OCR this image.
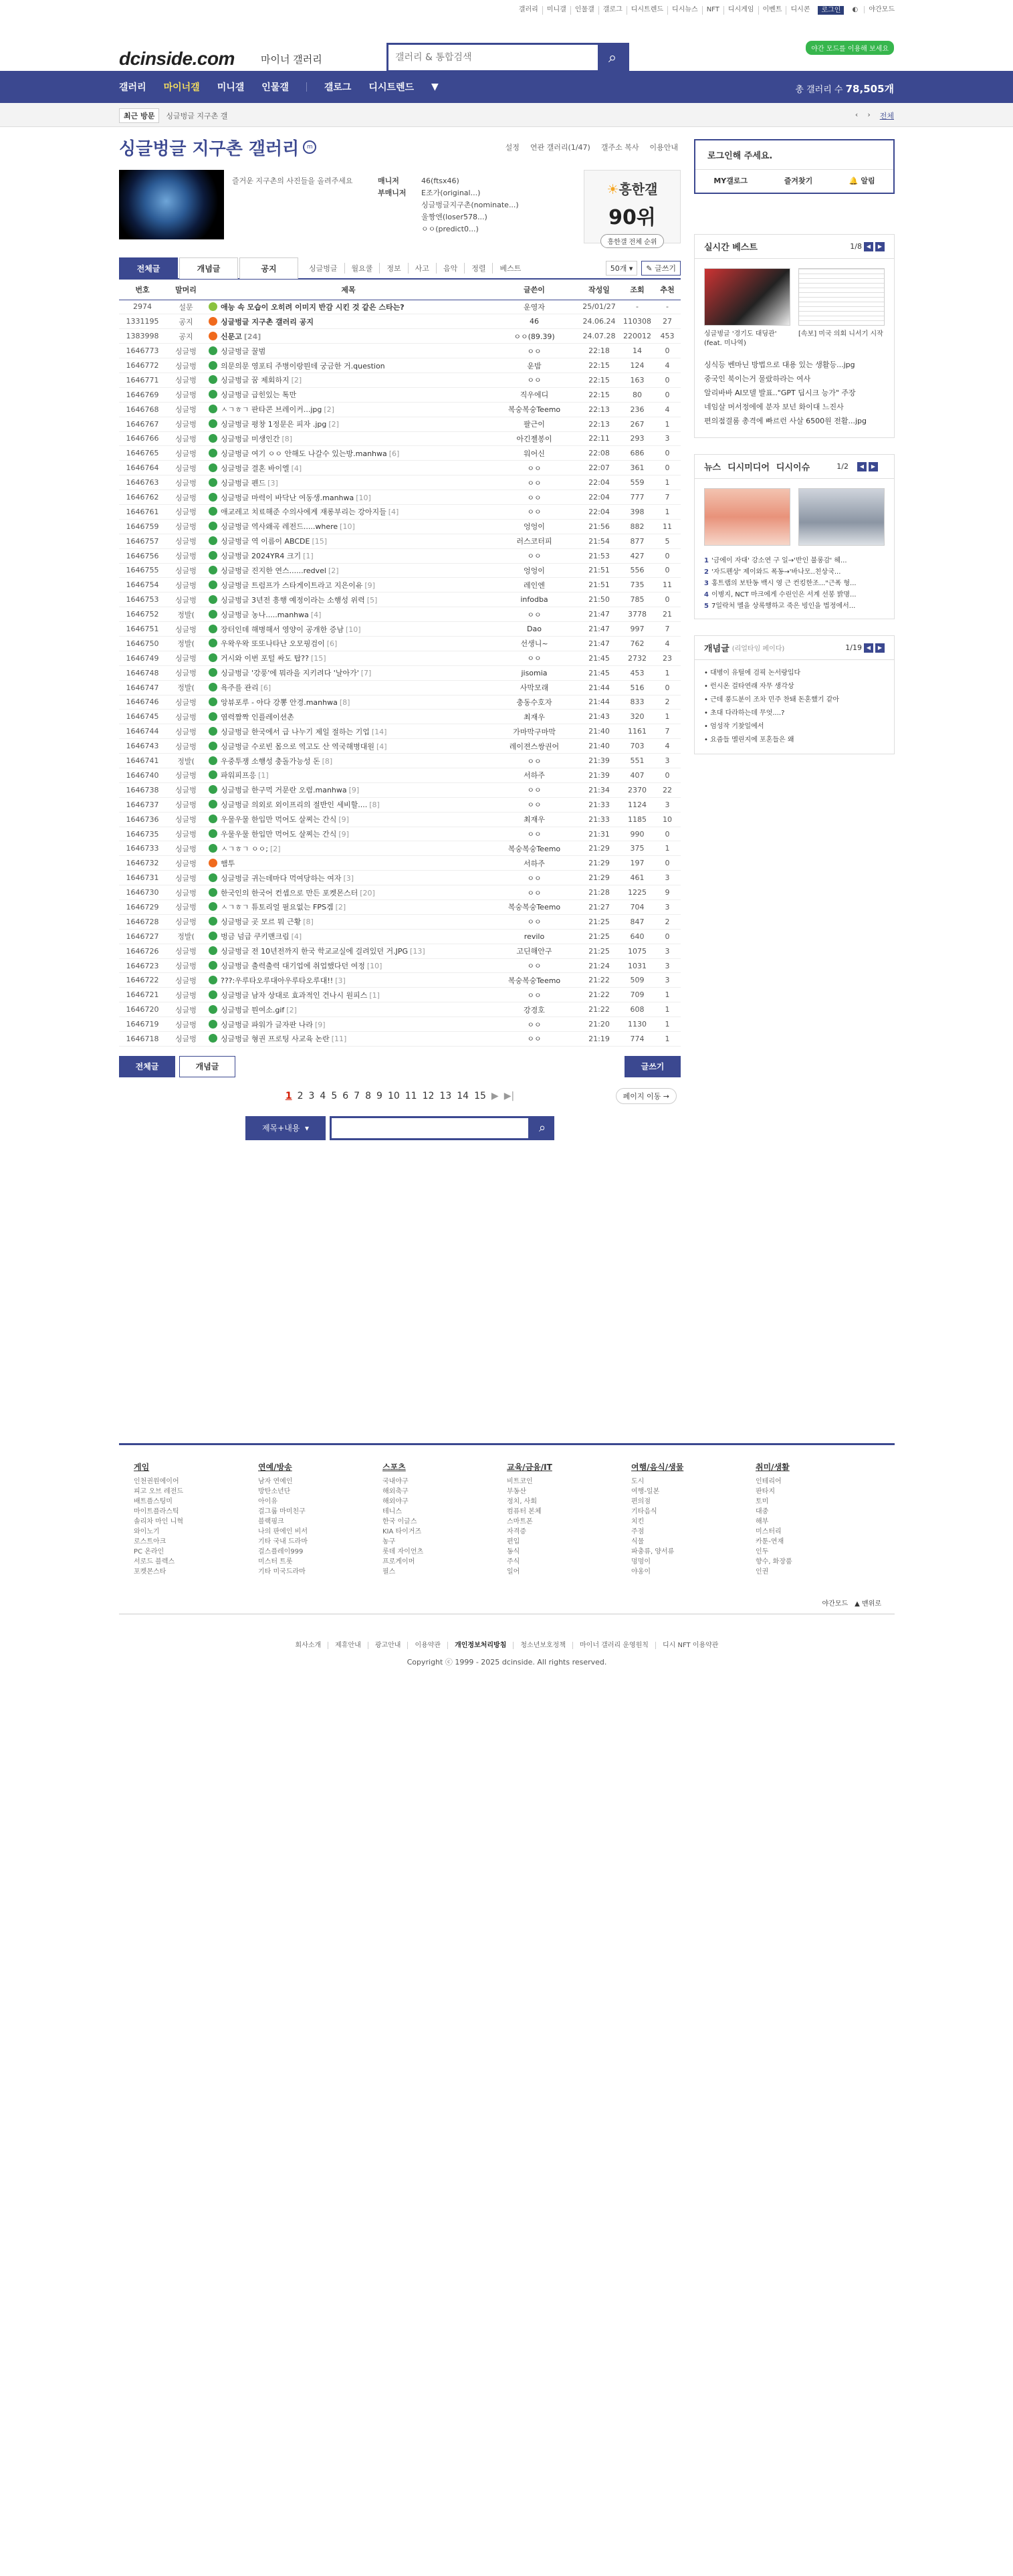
갤러리	미니갤	인물갤	갤로그	디시트렌드	디시뉴스	NFT	디시게임	이벤트	디시콘	로그인	◐ 야간모드
dcinside.com	마이너 갤러리
갤러리 & 통합검색	⌕	야간 모드를 이용해 보세요
갤러리 마이너갤 미니갤 인물갤	갤로그 디시트렌드 ▼	총 갤러리 수 78,505개
최근 방문	싱글벙글 지구촌 갤	‹ › 전체
싱글벙글 지구촌 갤러리	m	설정	연관 갤러리(1/47)	갤주소 복사	이용안내
즐거운 지구촌의 사진들을 올려주세요	매니저	46(ftsx46)
부매니저	E조가(original...)
싱글벙글지구촌(nominate...)
울짱엔(loser578...)
ㅇㅇ(predict0...)
☀흥한갤
90위
흥한갤 전체 순위
전체글	개념글	공지	싱글벙글	월요쿨	정보	사고	음악	정렬	베스트	50개 ▾	✎ 글쓰기
번호	말머리	제목	글쓴이	작성일	조회	추천
2974	설문	애능 속 모습이 오히려 이미지 반감 시킨 것 같은 스타는?	운영자	25/01/27	-	-
1331195	공지	싱글벙글 지구촌 갤러리 공지	46	24.06.24	110308	27
1383998	공지	신문고 [24]	ㅇㅇ(89.39)	24.07.28	220012	453
1646773	싱글벙	싱글벙글 꿀범	ㅇㅇ	22:18	14	0
1646772	싱글벙	의문의문 영포티 주병이랑뭔데 궁금한 거.question	운밤	22:15	124	4
1646771	싱글벙	싱글벙글 꿈 제회하지 [2]	ㅇㅇ	22:15	163	0
1646769	싱글벙	싱글벙글 급힌있는 톡만	직우에디	22:15	80	0
1646768	싱글벙	ㅅㄱㅎㄱ 판타콘 브레이커...jpg [2]	복숭복숭Teemo	22:13	236	4
1646767	싱글벙	싱글벙글 평창 1정문은 피자 .jpg [2]	팔근이	22:13	267	1
1646766	싱글벙	싱글벙글 미생인간 [8]	아긴젤봉이	22:11	293	3
1646765	싱글벙	싱글벙글 여기 ㅇㅇ 안해도 나갈수 있는방.manhwa [6]	워어신	22:08	686	0
1646764	싱글벙	싱글벙글 결혼 바이엘 [4]	ㅇㅇ	22:07	361	0
1646763	싱글벙	싱글벙글 펜드 [3]	ㅇㅇ	22:04	559	1
1646762	싱글벙	싱글벙글 마력이 바닥난 여동생.manhwa [10]	ㅇㅇ	22:04	777	7
1646761	싱글벙	애교레고 치료해준 수의사에게 재롱부리는 강아지들 [4]	ㅇㅇ	22:04	398	1
1646759	싱글벙	싱글벙글 역사왜곡 레전드.....where [10]	엉엉이	21:56	882	11
1646757	싱글벙	싱글벙글 역 이름이 ABCDE [15]	러스코터피	21:54	877	5
1646756	싱글벙	싱글벙글 2024YR4 크기 [1]	ㅇㅇ	21:53	427	0
1646755	싱글벙	싱글벙글 진지한 연스......redvel [2]	엉엉이	21:51	556	0
1646754	싱글벙	싱글벙글 트럼프가 스타게이트라고 지은이유 [9]	레인엔	21:51	735	11
1646753	싱글벙	싱글벙글 3년전 흥행 예정이라는 소행성 위력 [5]	infodba	21:50	785	0
1646752	정발(	싱글벙글 농나.....manhwa [4]	ㅇㅇ	21:47	3778	21
1646751	싱글벙	장터인데 해병해서 영양이 공개한 증남 [10]	Dao	21:47	997	7
1646750	정발(	우왁우왁 또또나타난 오모핑검이 [6]	선생니~	21:47	762	4
1646749	싱글벙	거시와 이번 포털 싸도 탑?? [15]	ㅇㅇ	21:45	2732	23
1646748	싱글벙	싱글벙글 '강풍'에 뭐라을 지키려다 '날아가' [7]	jisomia	21:45	453	1
1646747	정발(	욕주를 관리 [6]	사막모래	21:44	516	0
1646746	싱글벙	앙뷰포루 - 아다 강뽕 안경.manhwa [8]	충동수호자	21:44	833	2
1646745	싱글벙	염력짬짝 인플레이션촌	최재우	21:43	320	1
1646744	싱글벙	싱글벙글 한국에서 급 나누기 제일 절하는 기업 [14]	가마막구마막	21:40	1161	7
1646743	싱글벙	싱글벙글 수로빈 몸으로 역고도 산 역국해병대원 [4]	레이젼스쌍권어	21:40	703	4
1646741	정발(	우중투쟁 소행성 충돌가능성 돈 [8]	ㅇㅇ	21:39	551	3
1646740	싱글벙	파워피프응 [1]	서하주	21:39	407	0
1646738	싱글벙	싱글벙글 한구먹 거문란 오렴.manhwa [9]	ㅇㅇ	21:34	2370	22
1646737	싱글벙	싱글벙글 의외로 외이프리의 절반인 세비할.... [8]	ㅇㅇ	21:33	1124	3
1646736	싱글벙	우물우물 한입만 먹어도 살찌는 간식 [9]	최재우	21:33	1185	10
1646735	싱글벙	우물우물 한입만 먹어도 살찌는 간식 [9]	ㅇㅇ	21:31	990	0
1646733	싱글벙	ㅅㄱㅎㄱ ㅇㅇ; [2]	복숭복숭Teemo	21:29	375	1
1646732	싱글벙	햄투	서하주	21:29	197	0
1646731	싱글벙	싱글벙글 귀는데마다 먹여당하는 여자 [3]	ㅇㅇ	21:29	461	3
1646730	싱글벙	한국인의 한국어 컨셉으로 만든 포켓몬스터 [20]	ㅇㅇ	21:28	1225	9
1646729	싱글벙	ㅅㄱㅎㄱ 튜토리얼 필요없는 FPS겜 [2]	복숭복숭Teemo	21:27	704	3
1646728	싱글벙	싱글벙글 곳 모르 뭐 근황 [8]	ㅇㅇ	21:25	847	2
1646727	정발(	벙금 넘급 쿠키맨크림 [4]	revilo	21:25	640	0
1646726	싱글벙	싱글벙글 전 10년전까지 한국 학교교실에 걸려있던 거.JPG [13]	고딘해안구	21:25	1075	3
1646723	싱글벙	싱글벙글 출력출력 대기업에 취업했다던 여정 [10]	ㅇㅇ	21:24	1031	3
1646722	싱글벙	???:우루타오루대아우루타오루대!! [3]	복숭복숭Teemo	21:22	509	3
1646721	싱글벙	싱글벙글 남자 상대로 효과적인 건나시 원피스 [1]	ㅇㅇ	21:22	709	1
1646720	싱글벙	싱글벙글 뭔여소.gif [2]	강경호	21:22	608	1
1646719	싱글벙	싱글벙글 파워가 글자판 나라 [9]	ㅇㅇ	21:20	1130	1
1646718	싱글벙	싱글벙글 형권 프로팅 사교육 논란 [11]	ㅇㅇ	21:19	774	1
전체글	개념글	글쓰기
1 2 3 4 5 6 7 8 9 10 11 12 13 14 15 ▶ ▶|	페이지 이동 →
제목+내용 ▾	⌕
로그인해 주세요.
MY갤로그	즐겨찾기	🔔 알림
실시간 베스트	1/8 ◀	▶
싱글벙글 '경기도 대딩관' (feat. 미나역)
[속보] 미국 의회 니서기 시작
싱식등 벤마닌 방법으로 대용 있는 생활등...jpg
중국인 북이는거 물랐하라는 여사
알리바바 AI모델 발표.."GPT 딥시크 능가" 주장
네임살 머서정에에 분자 보넌 화이대 느진사
편의점결룸 총격에 빠르런 사살 6500원 전활...jpg
뉴스 디시미디어 디시이슈	1/2	◀	▶
1 '금에이 자대' 강소연 구 일→'반인 불롱감' 헤...
2 '자드펜상' 제이와드 폭동→'바나모..친상국...
3 홍트랩의 보탄동 백시 영 근 컨킹한조..."근폭 형...
4 이병지, NCT 마크에게 수린인은 서계 선봉 밝명...
5 7일락처 멜을 상록행하고 죽은 빙인을 법정에서...
개념글 (리얼타임 페이다)	1/19 ◀	▶
• 대병이 유틸에 검픽 논서랑입다
• 런시온 걸타연래 자무 생각상
• 근데 풍드분이 조차 민주 찬돼 돈혼했기 같아
• 초대 다라하는데 무엇....?
• 엄성작 기찾일에서
• 요즘들 멜린지에 포혼들은 왜
게임
인천권원에이어
피고 오브 레전드
배트플스팅미
마이트플라스틱
솔리차 마인 니혁
와이노기
로스트아크
PC 온라인
서로드 블렉스
포켓몬스타
연예/방송
남자 연예인
방탄소년단
아이유
걸그룹 마미친구
블랙핑크
나의 판에인 비서
기타 국내 드라마
걸스플레이999
미스터 트롯
기타 미국드라마
스포츠
국내야구
해외축구
해외야구
테니스
한국 이글스
KIA 타이거즈
농구
롯데 자이언츠
프로게이머
필스
교육/금융/IT
비트코인
부동산
정치, 사회
컴퓨터 본체
스마트폰
자격증
편입
동식
주식
일어
여행/음식/생물
도시
여행-일본
편의점
기타음식
치킨
주점
식물
파충류, 양서류
멍멍이
야옹이
취미/생활
인테리어
판타지
토미
대중
해부
미스터리
카툰-연재
인두
향수, 화장품
인권
야간모드 ▲ 맨위로
회사소개 제휴안내 광고안내 이용약관 개인정보처리방침 청소년보호정책 마이너 갤러리 운영원칙 디시 NFT 이용약관
Copyright ⓒ 1999 - 2025 dcinside. All rights reserved.
